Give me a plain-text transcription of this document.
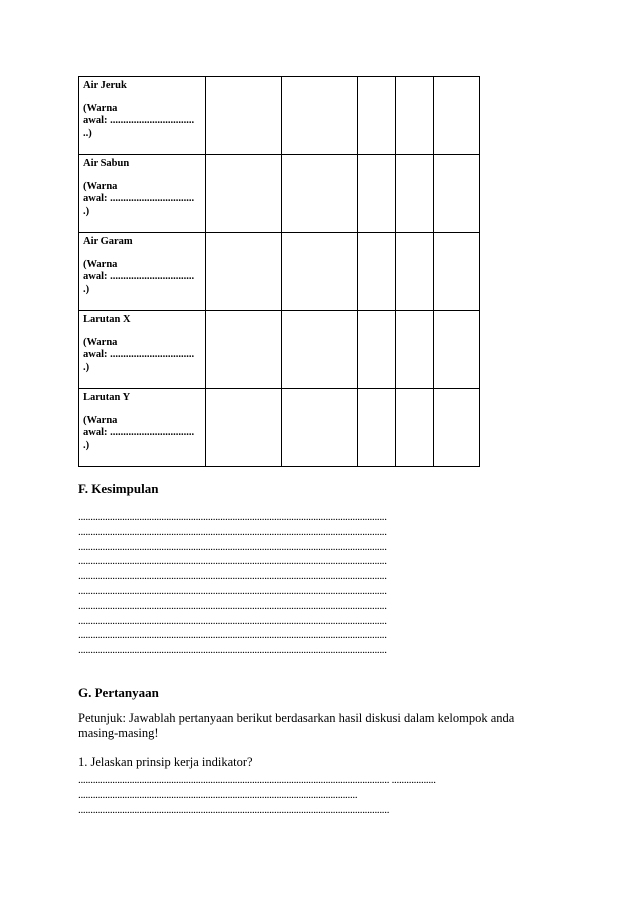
Air Jeruk
(Warna
awal: ................................
..)					

Air Sabun
(Warna
awal: ................................
.)					

Air Garam
(Warna
awal: ................................
.)					

Larutan X
(Warna
awal: ................................
.)					

Larutan Y
(Warna
awal: ................................
.)					

F. Kesimpulan
..............................................................................................................................
..............................................................................................................................
..............................................................................................................................
..............................................................................................................................
..............................................................................................................................
..............................................................................................................................
..............................................................................................................................
..............................................................................................................................
..............................................................................................................................
..............................................................................................................................
G. Pertanyaan
Petunjuk: Jawablah pertanyaan berikut berdasarkan hasil diskusi dalam kelompok anda masing-masing!
1. Jelaskan prinsip kerja indikator?
............................................................................................................................... ..................
..................................................................................................................
...............................................................................................................................
